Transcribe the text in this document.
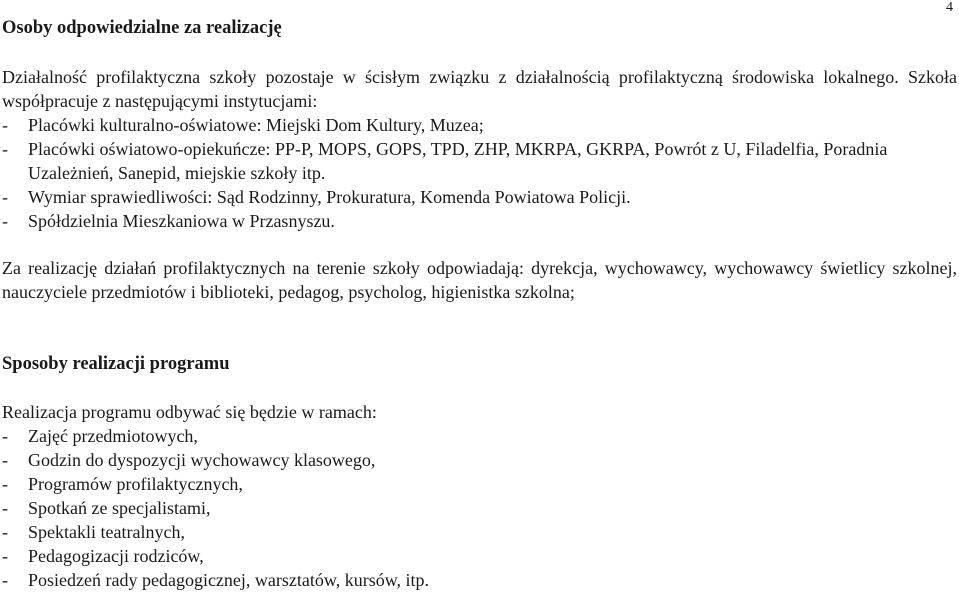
4
Osoby odpowiedzialne za realizację

Działalność profilaktyczna szkoły pozostaje w ścisłym związku z działalnością profilaktyczną środowiska lokalnego. Szkoła współpracuje z następującymi instytucjami:

- Placówki kulturalno-oświatowe: Miejski Dom Kultury, Muzea;
- Placówki oświatowo-opiekuńcze: PP-P, MOPS, GOPS, TPD, ZHP, MKRPA, GKRPA, Powrót z U, Filadelfia, Poradnia Uzależnień, Sanepid, miejskie szkoły itp.
- Wymiar sprawiedliwości: Sąd Rodzinny, Prokuratura, Komenda Powiatowa Policji.
- Spółdzielnia Mieszkaniowa w Przasnyszu.

Za realizację działań profilaktycznych na terenie szkoły odpowiadają: dyrekcja, wychowawcy, wychowawcy świetlicy szkolnej, nauczyciele przedmiotów i biblioteki, pedagog, psycholog, higienistka szkolna;

Sposoby realizacji programu

Realizacja programu odbywać się będzie w ramach:

- Zajęć przedmiotowych,
- Godzin do dyspozycji wychowawcy klasowego,
- Programów profilaktycznych,
- Spotkań ze specjalistami,
- Spektakli teatralnych,
- Pedagogizacji rodziców,
- Posiedzeń rady pedagogicznej, warsztatów, kursów, itp.
